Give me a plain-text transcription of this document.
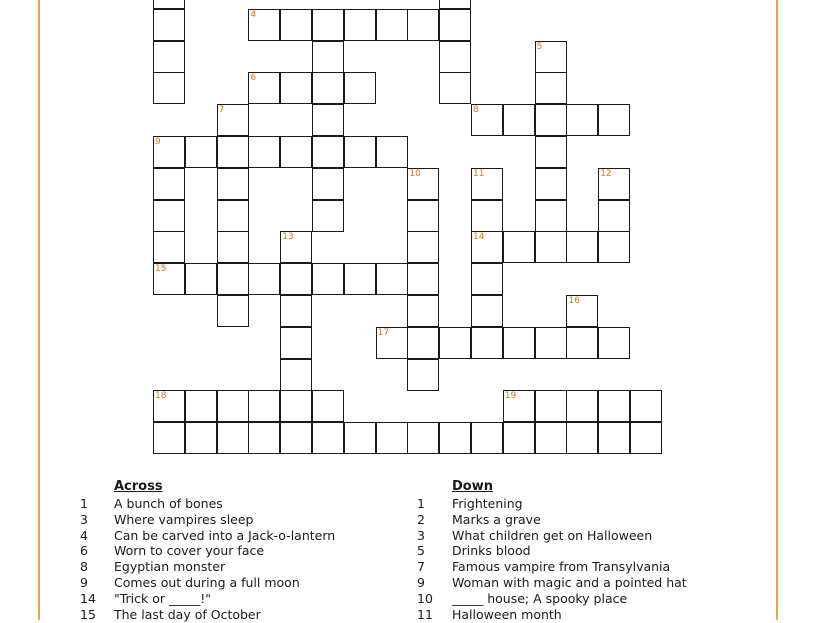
4
5
6
7	8
9
10	11	12
13	14
15
16
17
18	19
Across
1 A bunch of bones
3 Where vampires sleep
4 Can be carved into a Jack-o-lantern
6 Worn to cover your face
8 Egyptian monster
9 Comes out during a full moon
14 "Trick or _____!"
15 The last day of October
Down
1 Frightening
2 Marks a grave
3 What children get on Halloween
5 Drinks blood
7 Famous vampire from Transylvania
9 Woman with magic and a pointed hat
10 _____ house; A spooky place
11 Halloween month
